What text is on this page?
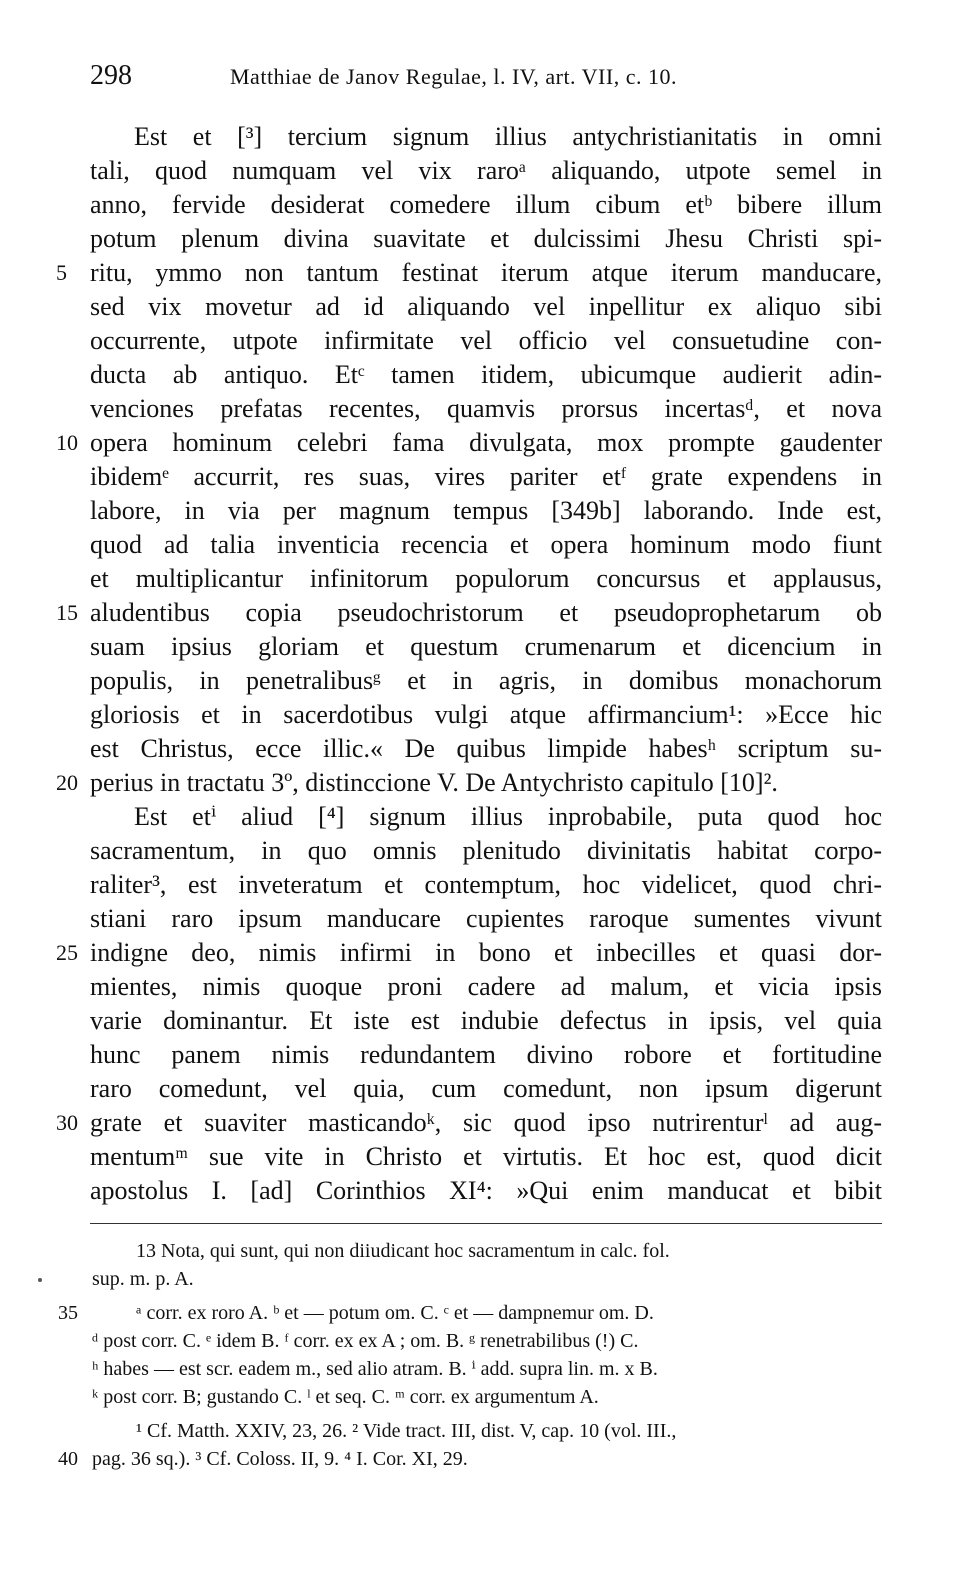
298	Matthiae de Janov Regulae, l. IV, art. VII, c. 10.
Est et [³] tercium signum illius antychristianitatis in omni
tali, quod numquam vel vix raroᵃ aliquando, utpote semel in
anno, fervide desiderat comedere illum cibum etᵇ bibere illum
potum plenum divina suavitate et dulcissimi Jhesu Christi spi-
ritu, ymmo non tantum festinat iterum atque iterum manducare,
sed vix movetur ad id aliquando vel inpellitur ex aliquo sibi
occurrente, utpote infirmitate vel officio vel consuetudine con-
ducta ab antiquo. Etᶜ tamen itidem, ubicumque audierit adin-
venciones prefatas recentes, quamvis prorsus incertasᵈ, et nova
opera hominum celebri fama divulgata, mox prompte gaudenter
ibidemᵉ accurrit, res suas, vires pariter etᶠ grate expendens in
labore, in via per magnum tempus [349b] laborando. Inde est,
quod ad talia inventicia recencia et opera hominum modo fiunt
et multiplicantur infinitorum populorum concursus et applausus,
aludentibus copia pseudochristorum et pseudoprophetarum ob
suam ipsius gloriam et questum crumenarum et dicencium in
populis, in penetralibusᵍ et in agris, in domibus monachorum
gloriosis et in sacerdotibus vulgi atque affirmancium¹: »Ecce hic
est Christus, ecce illic.« De quibus limpide habesʰ scriptum su-
perius in tractatu 3º, distinccione V. De Antychristo capitulo [10]².
Est etⁱ aliud [⁴] signum illius inprobabile, puta quod hoc
sacramentum, in quo omnis plenitudo divinitatis habitat corpo-
raliter³, est inveteratum et contemptum, hoc videlicet, quod chri-
stiani raro ipsum manducare cupientes raroque sumentes vivunt
indigne deo, nimis infirmi in bono et inbecilles et quasi dor-
mientes, nimis quoque proni cadere ad malum, et vicia ipsis
varie dominantur. Et iste est indubie defectus in ipsis, vel quia
hunc panem nimis redundantem divino robore et fortitudine
raro comedunt, vel quia, cum comedunt, non ipsum digerunt
grate et suaviter masticandoᵏ, sic quod ipso nutrirenturˡ ad aug-
mentumᵐ sue vite in Christo et virtutis. Et hoc est, quod dicit
apostolus I. [ad] Corinthios XI⁴: »Qui enim manducat et bibit
5
10
15
20
25
30
13 Nota, qui sunt, qui non diiudicant hoc sacramentum in calc. fol.
sup. m. p. A.
ᵃ corr. ex roro A. ᵇ et — potum om. C. ᶜ et — dampnemur om. D.
ᵈ post corr. C. ᵉ idem B. ᶠ corr. ex ex A ; om. B. ᵍ renetrabilibus (!) C.
ʰ habes — est scr. eadem m., sed alio atram. B. ⁱ add. supra lin. m. x B.
ᵏ post corr. B; gustando C. ˡ et seq. C. ᵐ corr. ex argumentum A.
¹ Cf. Matth. XXIV, 23, 26. ² Vide tract. III, dist. V, cap. 10 (vol. III.,
pag. 36 sq.). ³ Cf. Coloss. II, 9. ⁴ I. Cor. XI, 29.
35
40
